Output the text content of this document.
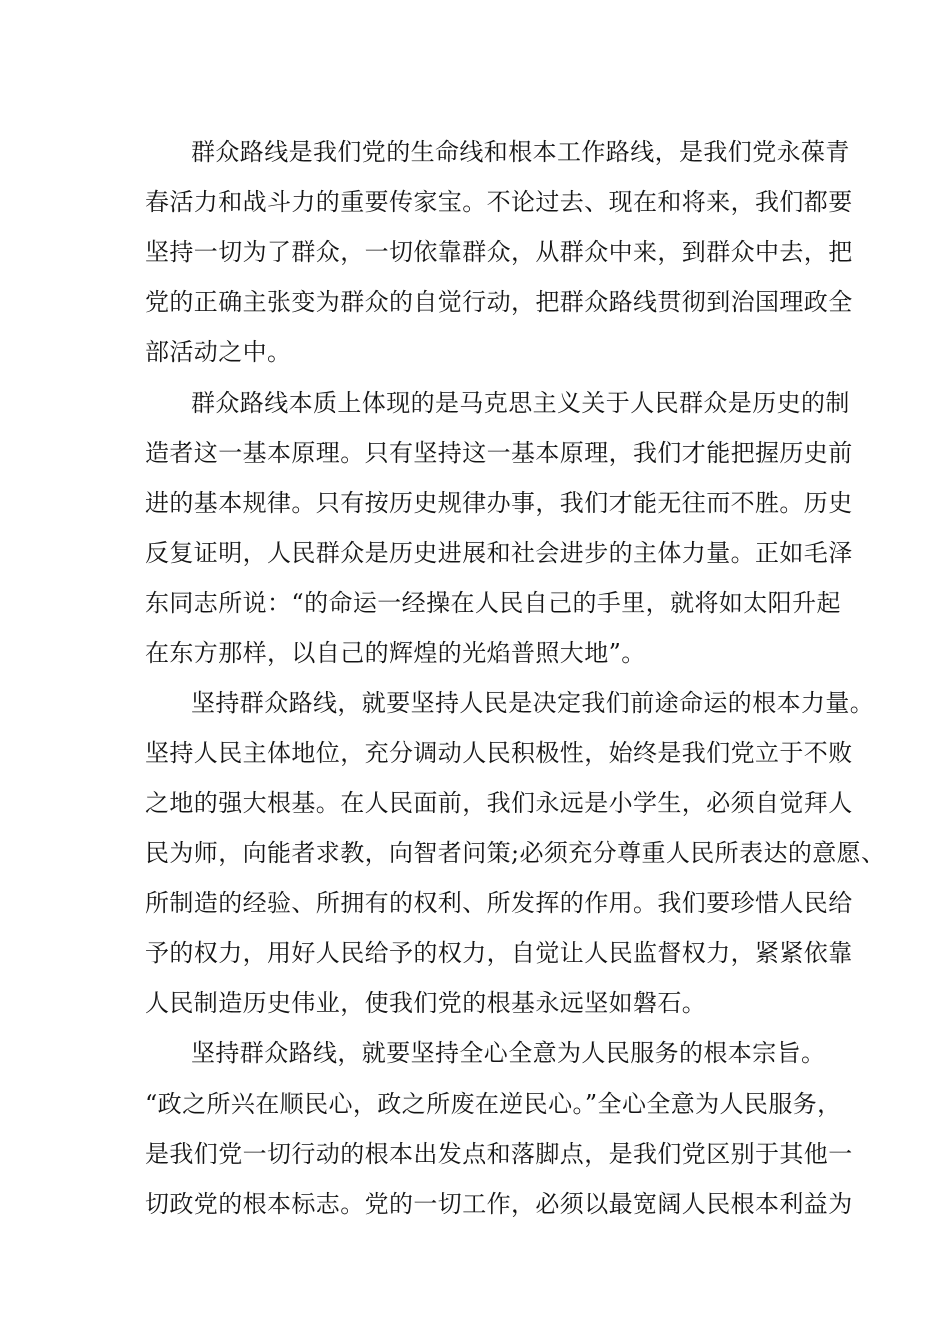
群众路线是我们党的生命线和根本工作路线，是我们党永葆青
春活力和战斗力的重要传家宝。不论过去、现在和将来，我们都要
坚持一切为了群众，一切依靠群众，从群众中来，到群众中去，把
党的正确主张变为群众的自觉行动，把群众路线贯彻到治国理政全
部活动之中。
群众路线本质上体现的是马克思主义关于人民群众是历史的制
造者这一基本原理。只有坚持这一基本原理，我们才能把握历史前
进的基本规律。只有按历史规律办事，我们才能无往而不胜。历史
反复证明，人民群众是历史进展和社会进步的主体力量。正如毛泽
东同志所说：“的命运一经操在人民自己的手里，就将如太阳升起
在东方那样，以自己的辉煌的光焰普照大地”。
坚持群众路线，就要坚持人民是决定我们前途命运的根本力量。
坚持人民主体地位，充分调动人民积极性，始终是我们党立于不败
之地的强大根基。在人民面前，我们永远是小学生，必须自觉拜人
民为师，向能者求教，向智者问策;必须充分尊重人民所表达的意愿、
所制造的经验、所拥有的权利、所发挥的作用。我们要珍惜人民给
予的权力，用好人民给予的权力，自觉让人民监督权力，紧紧依靠
人民制造历史伟业，使我们党的根基永远坚如磐石。
坚持群众路线，就要坚持全心全意为人民服务的根本宗旨。
“政之所兴在顺民心，政之所废在逆民心。”全心全意为人民服务，
是我们党一切行动的根本出发点和落脚点，是我们党区别于其他一
切政党的根本标志。党的一切工作，必须以最宽阔人民根本利益为
